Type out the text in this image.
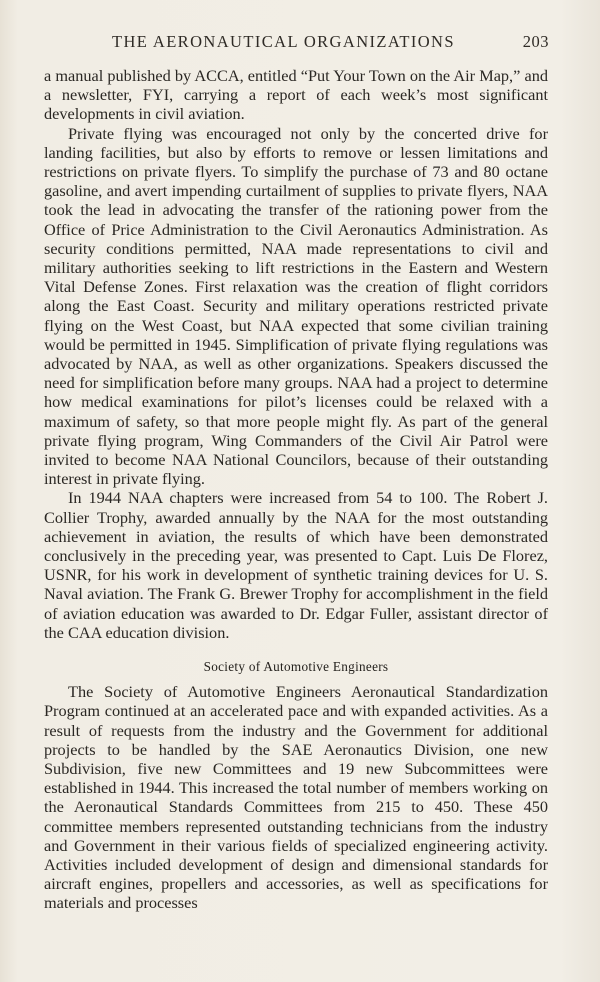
THE AERONAUTICAL ORGANIZATIONS	203

a manual published by ACCA, entitled “Put Your Town on the Air Map,” and a newsletter, FYI, carrying a report of each week’s most significant developments in civil aviation.

Private flying was encouraged not only by the concerted drive for landing facilities, but also by efforts to remove or lessen limitations and restrictions on private flyers. To simplify the purchase of 73 and 80 octane gasoline, and avert impending curtailment of supplies to private flyers, NAA took the lead in advocating the transfer of the rationing power from the Office of Price Administration to the Civil Aeronautics Administration. As security conditions permitted, NAA made representations to civil and military authorities seeking to lift restrictions in the Eastern and Western Vital Defense Zones. First relaxation was the creation of flight corridors along the East Coast. Security and military operations restricted private flying on the West Coast, but NAA expected that some civilian training would be permitted in 1945. Simplification of private flying regulations was advocated by NAA, as well as other organizations. Speakers discussed the need for simplification before many groups. NAA had a project to determine how medical examinations for pilot’s licenses could be relaxed with a maximum of safety, so that more people might fly. As part of the general private flying program, Wing Commanders of the Civil Air Patrol were invited to become NAA National Councilors, because of their outstanding interest in private flying.

In 1944 NAA chapters were increased from 54 to 100. The Robert J. Collier Trophy, awarded annually by the NAA for the most outstanding achievement in aviation, the results of which have been demonstrated conclusively in the preceding year, was presented to Capt. Luis De Florez, USNR, for his work in development of synthetic training devices for U. S. Naval aviation. The Frank G. Brewer Trophy for accomplishment in the field of aviation education was awarded to Dr. Edgar Fuller, assistant director of the CAA education division.

Society of Automotive Engineers

The Society of Automotive Engineers Aeronautical Standardization Program continued at an accelerated pace and with expanded activities. As a result of requests from the industry and the Government for additional projects to be handled by the SAE Aeronautics Division, one new Subdivision, five new Committees and 19 new Subcommittees were established in 1944. This increased the total number of members working on the Aeronautical Standards Committees from 215 to 450. These 450 committee members represented outstanding technicians from the industry and Government in their various fields of specialized engineering activity. Activities included development of design and dimensional standards for aircraft engines, propellers and accessories, as well as specifications for materials and processes
